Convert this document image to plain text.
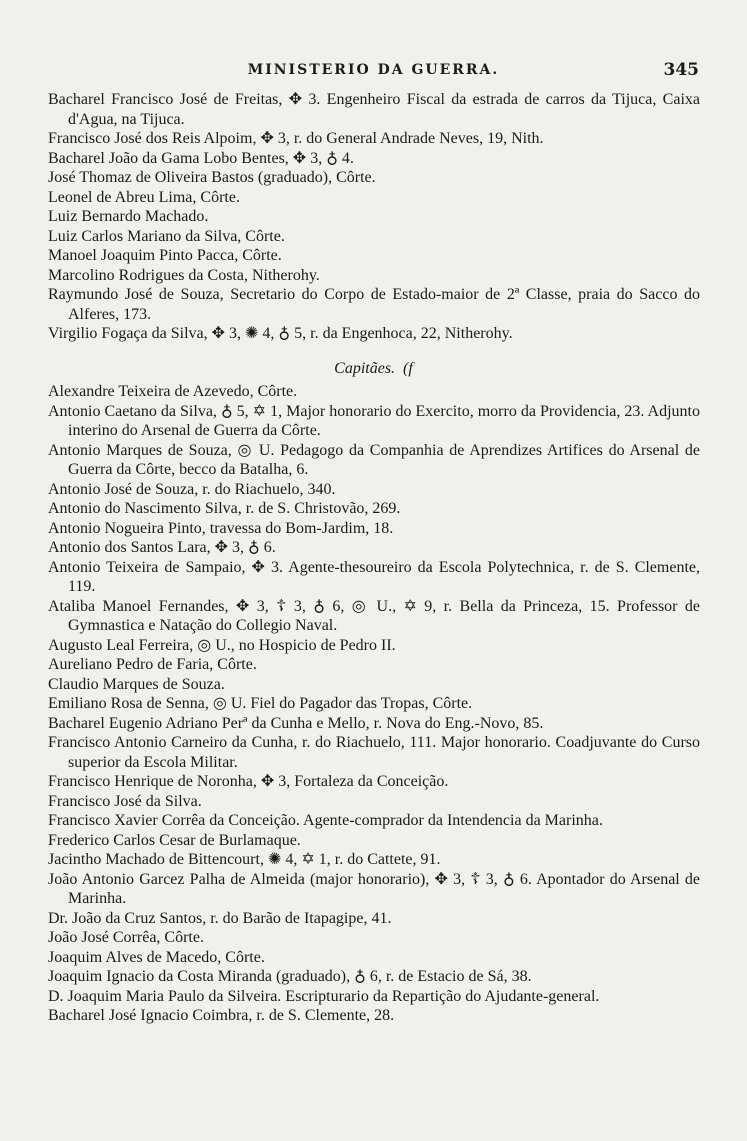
MINISTERIO DA GUERRA.	345
Bacharel Francisco José de Freitas, ✥ 3. Engenheiro Fiscal da estrada de carros da Tijuca, Caixa d'Agua, na Tijuca.
Francisco José dos Reis Alpoim, ✥ 3, r. do General Andrade Neves, 19, Nith.
Bacharel João da Gama Lobo Bentes, ✥ 3, ♁ 4.
José Thomaz de Oliveira Bastos (graduado), Côrte.
Leonel de Abreu Lima, Côrte.
Luiz Bernardo Machado.
Luiz Carlos Mariano da Silva, Côrte.
Manoel Joaquim Pinto Pacca, Côrte.
Marcolino Rodrigues da Costa, Nitherohy.
Raymundo José de Souza, Secretario do Corpo de Estado-maior de 2ª Classe, praia do Sacco do Alferes, 173.
Virgilio Fogaça da Silva, ✥ 3, ✺ 4, ♁ 5, r. da Engenhoca, 22, Nitherohy.
Capitães. (f
Alexandre Teixeira de Azevedo, Côrte.
Antonio Caetano da Silva, ♁ 5, ✡ 1, Major honorario do Exercito, morro da Providencia, 23. Adjunto interino do Arsenal de Guerra da Côrte.
Antonio Marques de Souza, ◎ U. Pedagogo da Companhia de Aprendizes Artifices do Arsenal de Guerra da Côrte, becco da Batalha, 6.
Antonio José de Souza, r. do Riachuelo, 340.
Antonio do Nascimento Silva, r. de S. Christovão, 269.
Antonio Nogueira Pinto, travessa do Bom-Jardim, 18.
Antonio dos Santos Lara, ✥ 3, ♁ 6.
Antonio Teixeira de Sampaio, ✥ 3. Agente-thesoureiro da Escola Polytechnica, r. de S. Clemente, 119.
Ataliba Manoel Fernandes, ✥ 3, ☦ 3, ♁ 6, ◎ U., ✡ 9, r. Bella da Princeza, 15. Professor de Gymnastica e Natação do Collegio Naval.
Augusto Leal Ferreira, ◎ U., no Hospicio de Pedro II.
Aureliano Pedro de Faria, Côrte.
Claudio Marques de Souza.
Emiliano Rosa de Senna, ◎ U. Fiel do Pagador das Tropas, Côrte.
Bacharel Eugenio Adriano Perª da Cunha e Mello, r. Nova do Eng.-Novo, 85.
Francisco Antonio Carneiro da Cunha, r. do Riachuelo, 111. Major honorario. Coadjuvante do Curso superior da Escola Militar.
Francisco Henrique de Noronha, ✥ 3, Fortaleza da Conceição.
Francisco José da Silva.
Francisco Xavier Corrêa da Conceição. Agente-comprador da Intendencia da Marinha.
Frederico Carlos Cesar de Burlamaque.
Jacintho Machado de Bittencourt, ✺ 4, ✡ 1, r. do Cattete, 91.
João Antonio Garcez Palha de Almeida (major honorario), ✥ 3, ☦ 3, ♁ 6. Apontador do Arsenal de Marinha.
Dr. João da Cruz Santos, r. do Barão de Itapagipe, 41.
João José Corrêa, Côrte.
Joaquim Alves de Macedo, Côrte.
Joaquim Ignacio da Costa Miranda (graduado), ♁ 6, r. de Estacio de Sá, 38.
D. Joaquim Maria Paulo da Silveira. Escripturario da Repartição do Ajudante-general.
Bacharel José Ignacio Coimbra, r. de S. Clemente, 28.
